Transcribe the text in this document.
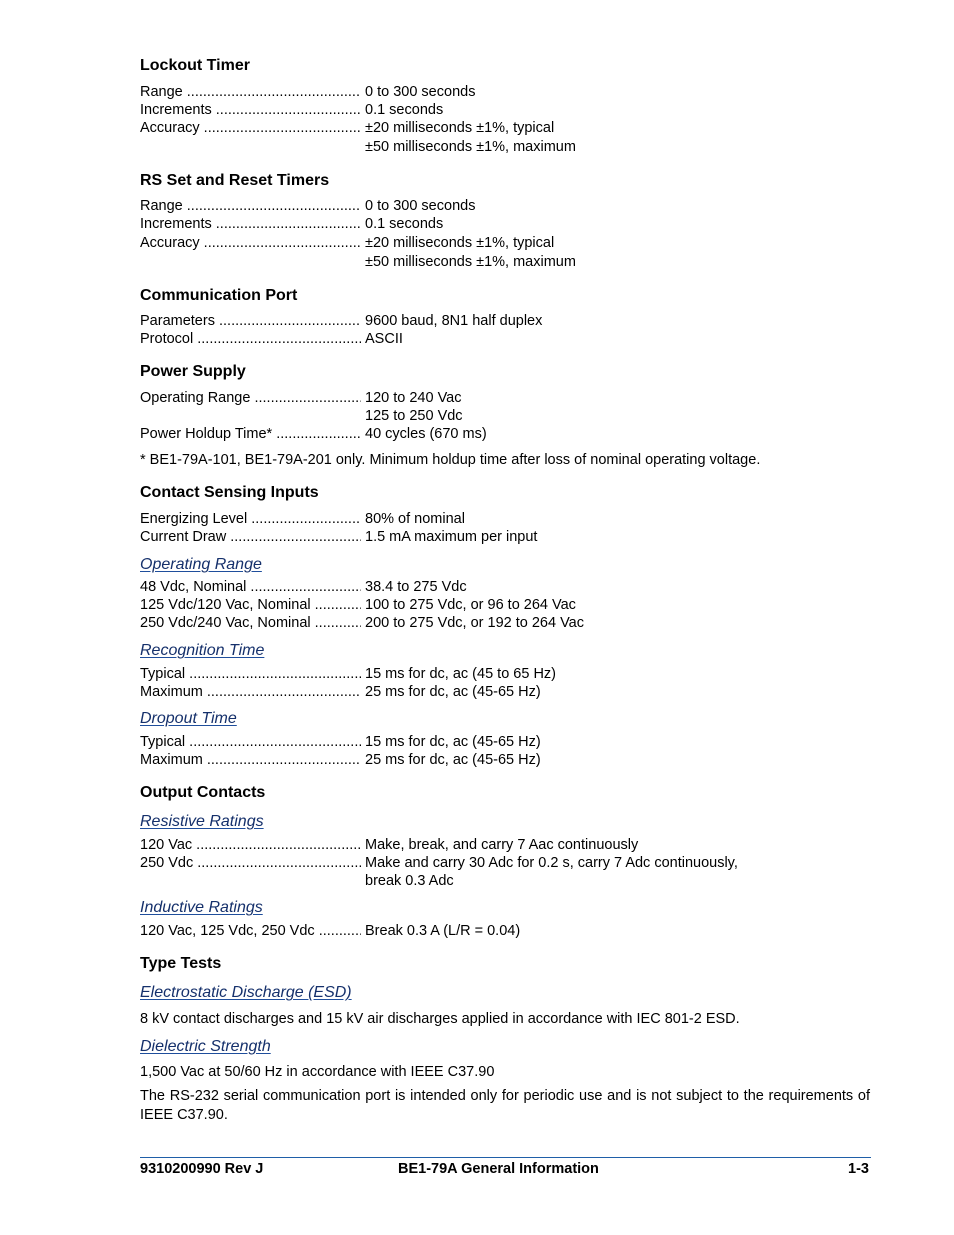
Lockout Timer
Range .....	0 to 300 seconds
Increments .....	0.1 seconds
Accuracy .....	±20 milliseconds ±1%, typical
±50 milliseconds ±1%, maximum
RS Set and Reset Timers
Range .....	0 to 300 seconds
Increments .....	0.1 seconds
Accuracy .....	±20 milliseconds ±1%, typical
±50 milliseconds ±1%, maximum
Communication Port
Parameters .....	9600 baud, 8N1 half duplex
Protocol .....	ASCII
Power Supply
Operating Range .....	120 to 240 Vac
125 to 250 Vdc
Power Holdup Time* .....	40 cycles (670 ms)
* BE1-79A-101, BE1-79A-201 only. Minimum holdup time after loss of nominal operating voltage.
Contact Sensing Inputs
Energizing Level .....	80% of nominal
Current Draw .....	1.5 mA maximum per input
Operating Range
48 Vdc, Nominal .....	38.4 to 275 Vdc
125 Vdc/120 Vac, Nominal .....	100 to 275 Vdc, or 96 to 264 Vac
250 Vdc/240 Vac, Nominal .....	200 to 275 Vdc, or 192 to 264 Vac
Recognition Time
Typical .....	15 ms for dc, ac (45 to 65 Hz)
Maximum .....	25 ms for dc, ac (45-65 Hz)
Dropout Time
Typical .....	15 ms for dc, ac (45-65 Hz)
Maximum .....	25 ms for dc, ac (45-65 Hz)
Output Contacts
Resistive Ratings
120 Vac .....	Make, break, and carry 7 Aac continuously
250 Vdc .....	Make and carry 30 Adc for 0.2 s, carry 7 Adc continuously,
break 0.3 Adc
Inductive Ratings
120 Vac, 125 Vdc, 250 Vdc .....	Break 0.3 A (L/R = 0.04)
Type Tests
Electrostatic Discharge (ESD)
8 kV contact discharges and 15 kV air discharges applied in accordance with IEC 801-2 ESD.
Dielectric Strength
1,500 Vac at 50/60 Hz in accordance with IEEE C37.90
The RS-232 serial communication port is intended only for periodic use and is not subject to the requirements of IEEE C37.90.
9310200990 Rev J	BE1-79A General Information	1-3
